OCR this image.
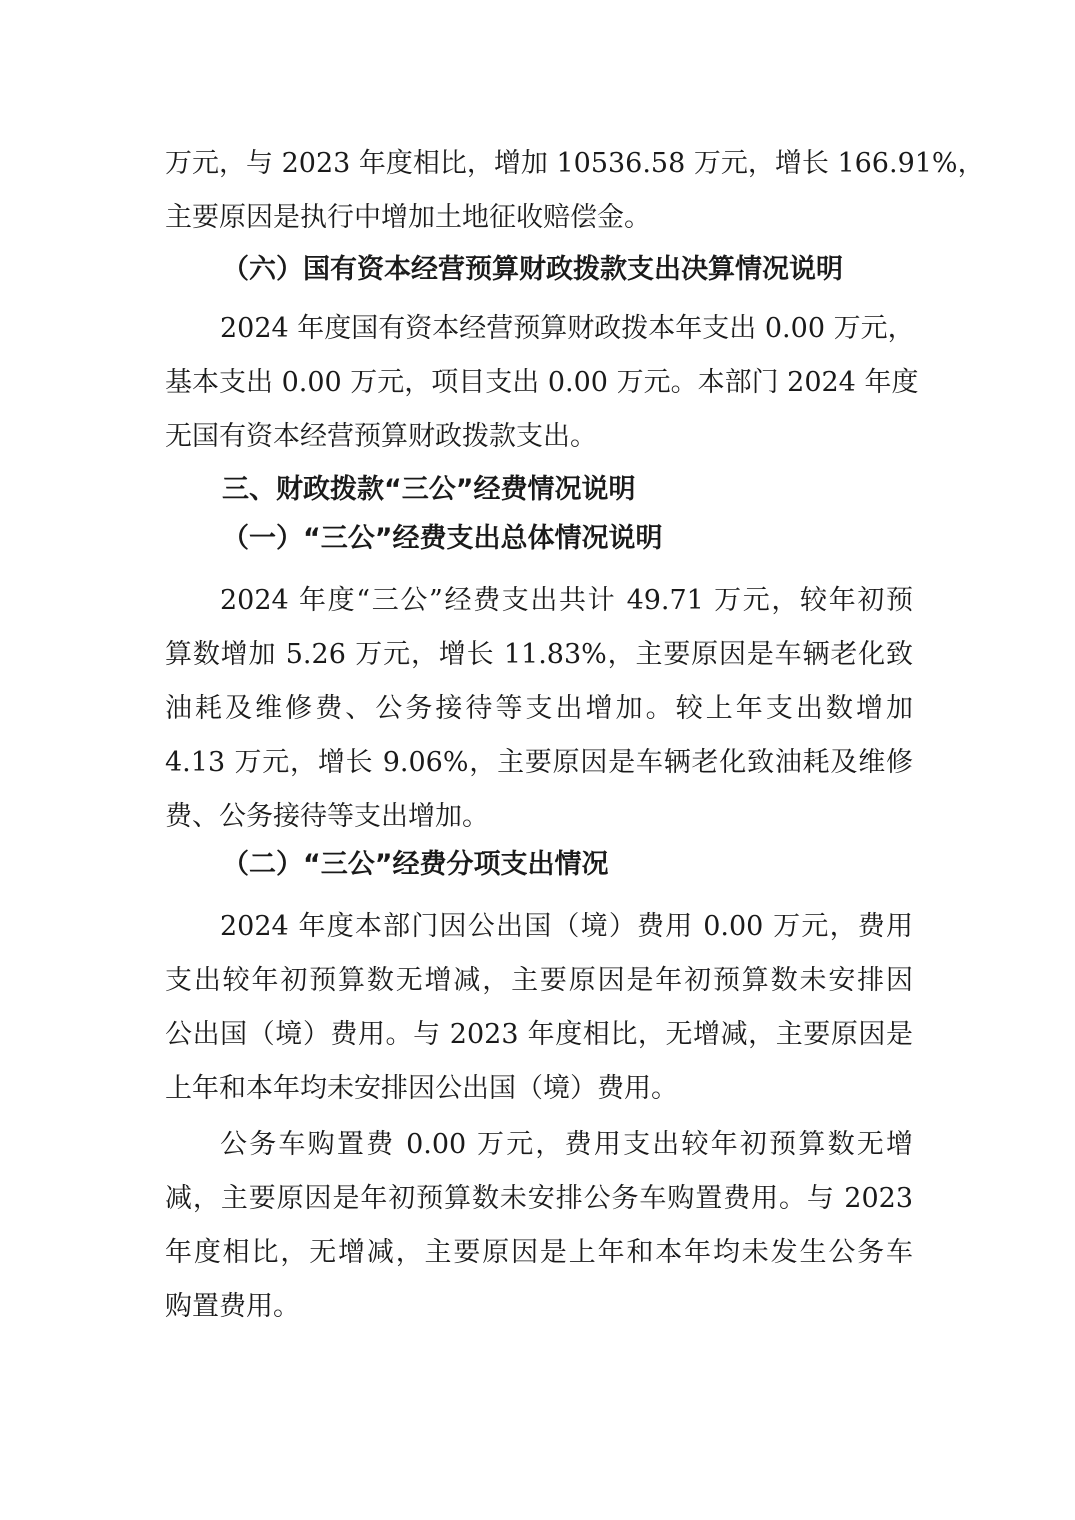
万元，与 2023 年度相比，增加 10536.58 万元，增长 166.91%，
主要原因是执行中增加土地征收赔偿金。
（六）国有资本经营预算财政拨款支出决算情况说明
2024 年度国有资本经营预算财政拨本年支出 0.00 万元，
基本支出 0.00 万元，项目支出 0.00 万元。本部门 2024 年度
无国有资本经营预算财政拨款支出。
三、财政拨款“三公”经费情况说明
（一）“三公”经费支出总体情况说明
2024 年度“三公”经费支出共计 49.71 万元，较年初预
算数增加 5.26 万元，增长 11.83%，主要原因是车辆老化致
油耗及维修费、公务接待等支出增加。较上年支出数增加
4.13 万元，增长 9.06%，主要原因是车辆老化致油耗及维修
费、公务接待等支出增加。
（二）“三公”经费分项支出情况
2024 年度本部门因公出国（境）费用 0.00 万元，费用
支出较年初预算数无增减，主要原因是年初预算数未安排因
公出国（境）费用。与 2023 年度相比，无增减，主要原因是
上年和本年均未安排因公出国（境）费用。
公务车购置费 0.00 万元，费用支出较年初预算数无增
减，主要原因是年初预算数未安排公务车购置费用。与 2023
年度相比，无增减，主要原因是上年和本年均未发生公务车
购置费用。
